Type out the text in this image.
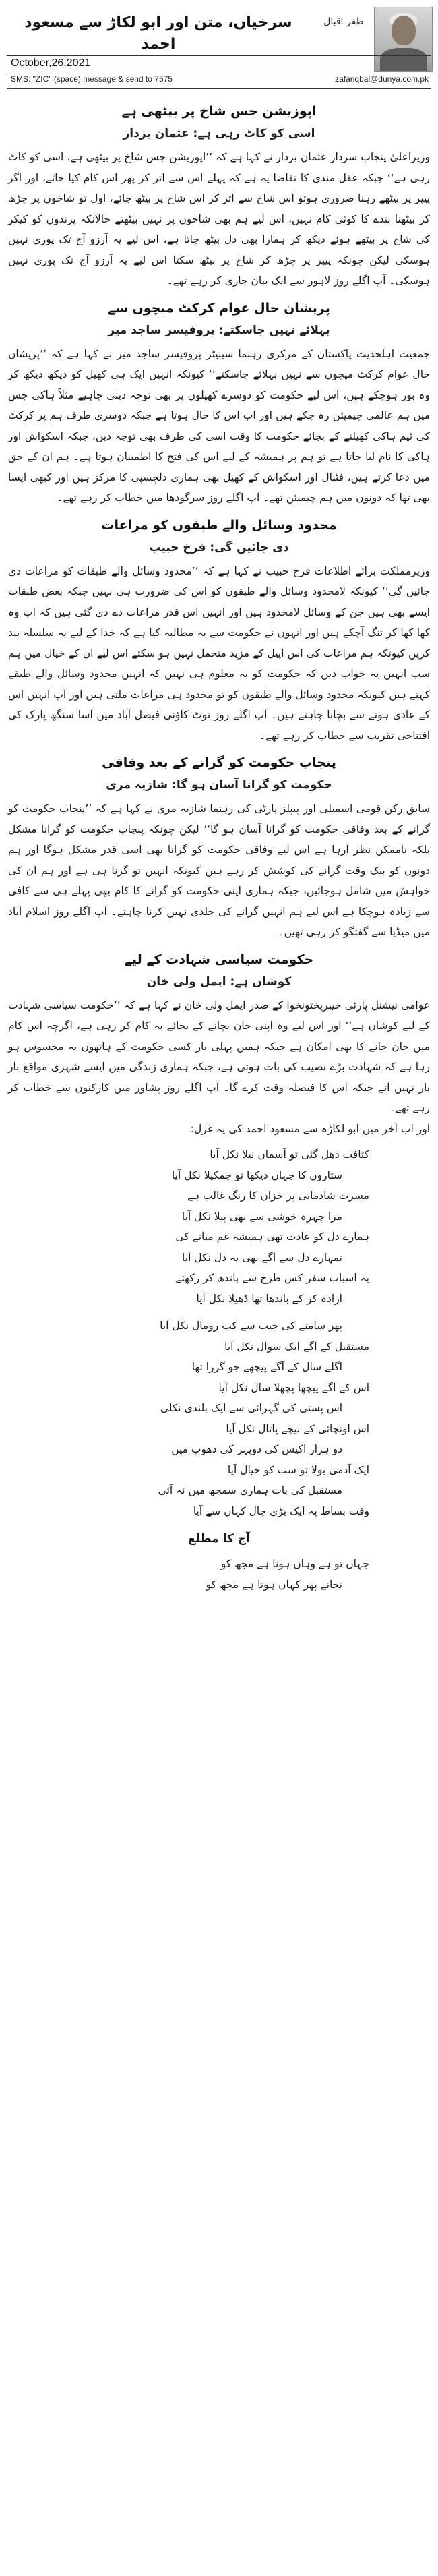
سرخیاں، متن اور ابو لکاڑ سے مسعود احمد
ظفر اقبال
October,26,2021
SMS: "ZIC" (space) message & send to 7575	zafariqbal@dunya.com.pk
اپوزیشن جس شاخ پر بیٹھی ہے
اسی کو کاٹ رہی ہے: عثمان بزدار

وزیراعلیٰ پنجاب سردار عثمان بزدار نے کہا ہے کہ ’’اپوزیشن جس شاخ پر بیٹھی ہے، اسی کو کاٹ رہی ہے‘‘ جبکہ عقل مندی کا تقاضا یہ ہے کہ پہلے اس سے اتر کر پھر اس کام کیا جائے، اور اگر پیپر پر بیٹھے رہنا ضروری ہوتو اس شاخ سے اتر کر اس شاخ پر بیٹھ جائے، اول تو شاخوں پر چڑھ کر بیٹھنا بندے کا کوئی کام نہیں، اس لیے ہم بھی شاخوں پر نہیں بیٹھتے حالانکہ پرندوں کو کیکر کی شاخ پر بیٹھے ہوئے دیکھ کر ہمارا بھی دل بیٹھ جاتا ہے، اس لیے یہ آرزو آج تک پوری نہیں ہوسکی لیکن چونکہ پیپر پر چڑھ کر شاخ پر بیٹھ سکتا اس لیے یہ آرزو آج تک پوری نہیں ہوسکی۔ آپ اگلے روز لاہور سے ایک بیان جاری کر رہے تھے۔

پریشان حال عوام کرکٹ میچوں سے
بہلائے نہیں جاسکتے: پروفیسر ساجد میر

جمعیت اہلحدیث پاکستان کے مرکزی رہنما سینیٹر پروفیسر ساجد میر نے کہا ہے کہ ’’پریشان حال عوام کرکٹ میچوں سے نہیں بہلائے جاسکتے‘‘ کیونکہ انہیں ایک ہی کھیل کو دیکھ دیکھ کر وہ بور ہوچکے ہیں، اس لیے حکومت کو دوسرے کھیلوں پر بھی توجہ دینی چاہیے مثلاً ہاکی جس میں ہم عالمی چیمپئن رہ چکے ہیں اور اب اس کا حال ہوتا ہے جبکہ دوسری طرف ہم پر کرکٹ کی ٹیم ہاکی کھیلنے کے بجائے حکومت کا وقت اسی کی طرف بھی توجہ دیں، جبکہ اسکواش اور ہاکی کا نام لیا جاتا ہے تو ہم پر ہمیشہ کے لیے اس کی فتح کا اطمینان ہوتا ہے۔ ہم ان کے حق میں دعا کرتے ہیں، فٹبال اور اسکواش کے کھیل بھی ہماری دلچسپی کا مرکز ہیں اور کبھی ایسا بھی تھا کہ دونوں میں ہم چیمپئن تھے۔ آپ اگلے روز سرگودھا میں خطاب کر رہے تھے۔

محدود وسائل والے طبقوں کو مراعات
دی جائیں گی: فرخ حبیب

وزیرمملکت برائے اطلاعات فرخ حبیب نے کہا ہے کہ ’’محدود وسائل والے طبقات کو مراعات دی جائیں گی‘‘ کیونکہ لامحدود وسائل والے طبقوں کو اس کی ضرورت ہی نہیں جبکہ بعض طبقات ایسے بھی ہیں جن کے وسائل لامحدود ہیں اور انہیں اس قدر مراعات دے دی گئی ہیں کہ اب وہ کھا کھا کر تنگ آچکے ہیں اور انہوں نے حکومت سے یہ مطالبہ کیا ہے کہ خدا کے لیے یہ سلسلہ بند کریں کیونکہ ہم مراعات کی اس اپیل کے مزید متحمل نہیں ہو سکتے اس لیے ان کے خیال میں ہم سب انہیں یہ جواب دیں کہ حکومت کو یہ معلوم ہی نہیں کہ انہیں محدود وسائل والے طبقے کہتے ہیں کیونکہ محدود وسائل والے طبقوں کو تو محدود ہی مراعات ملتی ہیں اور آپ انہیں اس کے عادی ہونے سے بچانا چاہتے ہیں۔ آپ اگلے روز نوٹ کاؤنی فیصل آباد میں آسا سنگھ پارک کی افتتاحی تقریب سے خطاب کر رہے تھے۔

پنجاب حکومت کو گرانے کے بعد وفاقی
حکومت کو گرانا آسان ہو گا: شازیہ مری

سابق رکن قومی اسمبلی اور پیپلز پارٹی کی رہنما شازیہ مری نے کہا ہے کہ ’’پنجاب حکومت کو گرانے کے بعد وفاقی حکومت کو گرانا آسان ہو گا‘‘ لیکن چونکہ پنجاب حکومت کو گرانا مشکل بلکہ ناممکن نظر آرہا ہے اس لیے وفاقی حکومت کو گرانا بھی اسی قدر مشکل ہوگا اور ہم دونوں کو بیک وقت گرانے کی کوشش کر رہے ہیں کیونکہ انہیں تو گرنا ہی ہے اور ہم ان کی خواہش میں شامل ہوجائیں، جبکہ ہماری اپنی حکومت کو گرانے کا کام بھی پہلے ہی سے کافی سے زیادہ ہوچکا ہے اس لیے ہم انہیں گرانے کی جلدی نہیں کرنا چاہتے۔ آپ اگلے روز اسلام آباد میں میڈیا سے گفتگو کر رہی تھیں۔

حکومت سیاسی شہادت کے لیے
کوشاں ہے: ایمل ولی خان

عوامی نیشنل پارٹی خیبرپختونخوا کے صدر ایمل ولی خان نے کہا ہے کہ ’’حکومت سیاسی شہادت کے لیے کوشاں ہے‘‘ اور اس لیے وہ اپنی جان بچانے کے بجائے یہ کام کر رہی ہے، اگرچہ اس کام میں جان جانے کا بھی امکان ہے جبکہ ہمیں پہلی بار کسی حکومت کے ہاتھوں یہ محسوس ہو رہا ہے کہ شہادت بڑے نصیب کی بات ہوتی ہے، جبکہ ہماری زندگی میں ایسے شہری مواقع بار بار نہیں آتے جبکہ اس کا فیصلہ وقت کرے گا۔ آپ اگلے روز پشاور میں کارکنوں سے خطاب کر رہے تھے۔

اور اب آخر میں ابو لکاڑہ سے مسعود احمد کی یہ غزل:

کثافت دھل گئی تو آسماں نیلا نکل آیا
ستاروں کا جہاں دیکھا تو چمکیلا نکل آیا
مسرت شادمانی پر خزاں کا رنگ غالب ہے
مرا چہرہ خوشی سے بھی پیلا نکل آیا
ہمارے دل کو عادت تھی ہمیشہ غم منانے کی
تمہارے دل سے آگے بھی یہ دل نکل آیا
یہ اسباب سفر کس طرح سے باندھ کر رکھتے
ارادہ کر کے باندھا تھا ڈھیلا نکل آیا
پھر سامنے کی جیب سے کب رومال نکل آیا
مستقبل کے آگے ایک سوال نکل آیا
اگلے سال کے آگے پیچھے جو گزرا تھا
اس کے آگے پیچھا پچھلا سال نکل آیا
اس پستی کی گہرائی سے ایک بلندی نکلی
اس اونچائی کے نیچے پاتال نکل آیا
دو ہزار اکیس کی دوپہر کی دھوپ میں
ایک آدمی بولا تو سب کو خیال آیا
مستقبل کی بات ہماری سمجھ میں نہ آئی
وقت بساط پہ ایک بڑی چال کہاں سے آیا
آج کا مطلع
جہاں تو ہے وہاں ہونا ہے مجھ کو
نجانے پھر کہاں ہونا ہے مجھ کو
